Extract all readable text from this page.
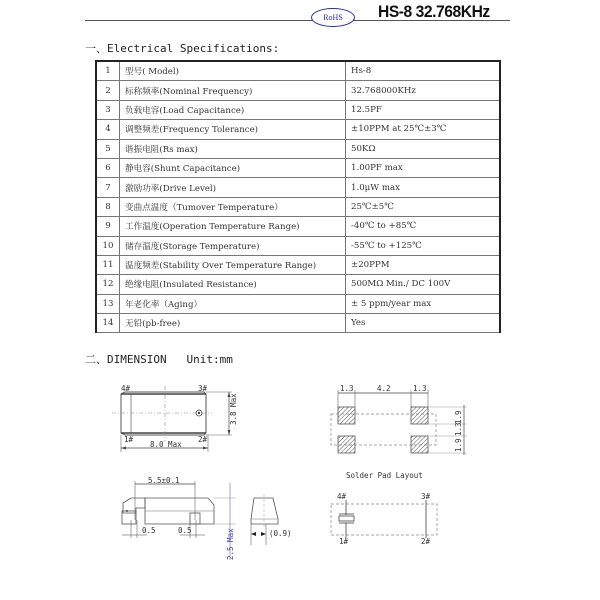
RoHS	HS-8 32.768KHz
一、Electrical Specifications:
1	型号( Model)	Hs-8
2	标称频率(Nominal Frequency)	32.768000KHz
3	负载电容(Load Capacitance)	12.5PF
4	调整频差(Frequency Tolerance)	±10PPM at 25℃±3℃
5	谐振电阻(Rs max)	50KΩ
6	静电容(Shunt Capacitance)	1.00PF max
7	激励功率(Drive Level)	1.0μW max
8	变曲点温度（Tumover Temperature）	25℃±5℃
9	工作温度(Operation Temperature Range)	-40℃ to +85℃
10	储存温度(Storage Temperature)	-55℃ to +125℃
11	温度频差(Stability Over Temperature Range)	±20PPM
12	绝缘电阻(Insulated Resistance)	500MΩ Min./ DC 100V
13	年老化率（Aging）	± 5 ppm/year max
14	无铅(pb-free)	Yes
二、DIMENSION   Unit:mm
4#	3#
1#	2#
8.0 Max
3.8 Max
1.3	4.2	1.3
1.9
1.3
1.9
Solder Pad Layout
5.5±0.1
0.5	0.5	2.5 Max	(0.9)
4#	3#
1#	2#
